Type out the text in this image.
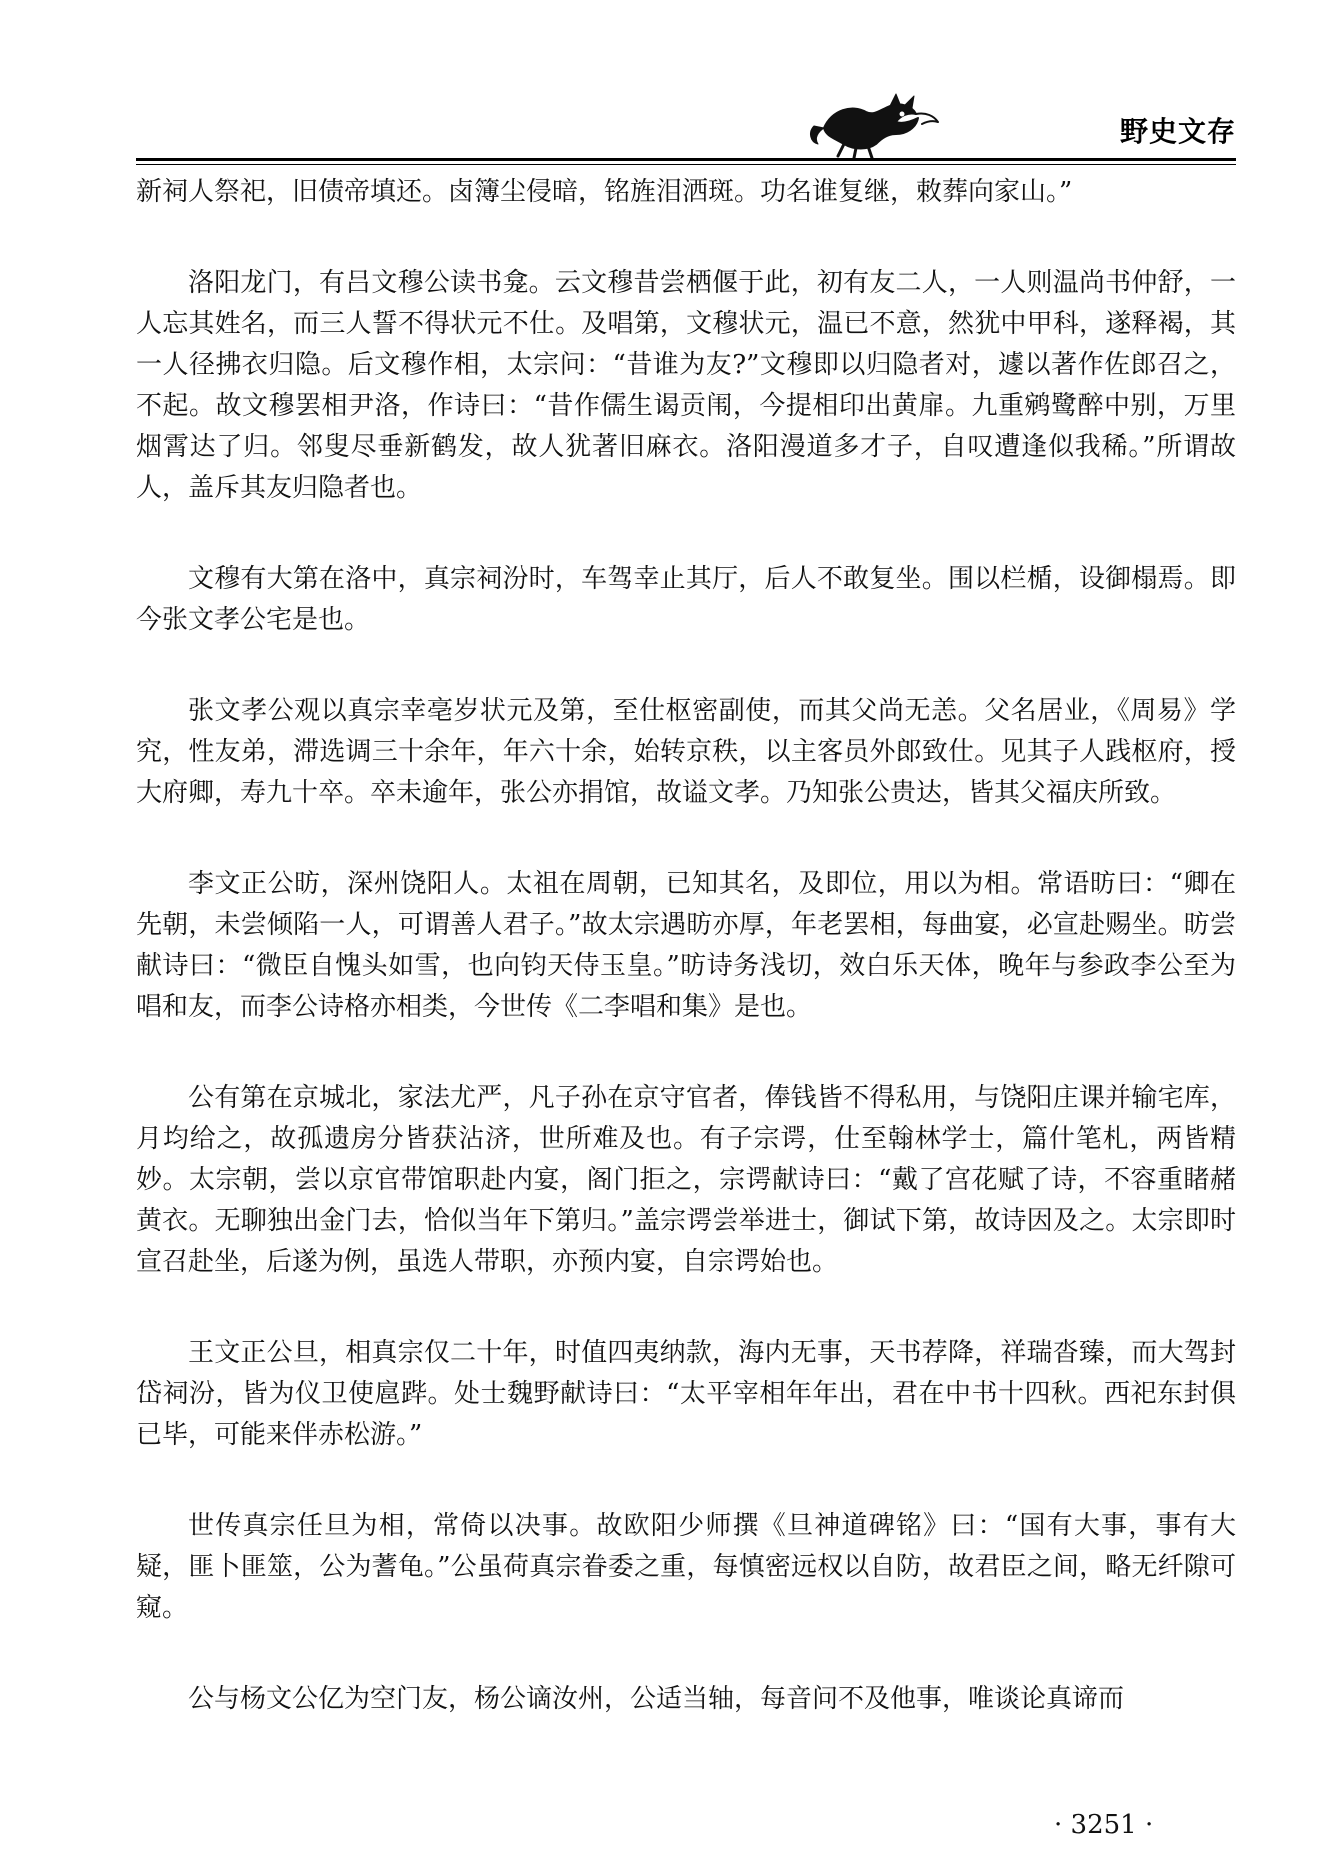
野史文存

新祠人祭祀，旧债帝填还。卤簿尘侵暗，铭旌泪洒斑。功名谁复继，敕葬向家山。”

洛阳龙门，有吕文穆公读书龛。云文穆昔尝栖偃于此，初有友二人，一人则温尚书仲舒，一人忘其姓名，而三人誓不得状元不仕。及唱第，文穆状元，温已不意，然犹中甲科，遂释褐，其一人径拂衣归隐。后文穆作相，太宗问：“昔谁为友?”文穆即以归隐者对，遽以著作佐郎召之，不起。故文穆罢相尹洛，作诗曰：“昔作儒生谒贡闱，今提相印出黄扉。九重鹓鹭醉中别，万里烟霄达了归。邻叟尽垂新鹤发，故人犹著旧麻衣。洛阳漫道多才子，自叹遭逢似我稀。”所谓故人，盖斥其友归隐者也。

文穆有大第在洛中，真宗祠汾时，车驾幸止其厅，后人不敢复坐。围以栏楯，设御榻焉。即今张文孝公宅是也。

张文孝公观以真宗幸亳岁状元及第，至仕枢密副使，而其父尚无恙。父名居业，《周易》学究，性友弟，滞选调三十余年，年六十余，始转京秩，以主客员外郎致仕。见其子人践枢府，授大府卿，寿九十卒。卒未逾年，张公亦捐馆，故谥文孝。乃知张公贵达，皆其父福庆所致。

李文正公昉，深州饶阳人。太祖在周朝，已知其名，及即位，用以为相。常语昉曰：“卿在先朝，未尝倾陷一人，可谓善人君子。”故太宗遇昉亦厚，年老罢相，每曲宴，必宣赴赐坐。昉尝献诗曰：“微臣自愧头如雪，也向钧天侍玉皇。”昉诗务浅切，效白乐天体，晚年与参政李公至为唱和友，而李公诗格亦相类，今世传《二李唱和集》是也。

公有第在京城北，家法尤严，凡子孙在京守官者，俸钱皆不得私用，与饶阳庄课并输宅库，月均给之，故孤遗房分皆获沾济，世所难及也。有子宗谔，仕至翰林学士，篇什笔札，两皆精妙。太宗朝，尝以京官带馆职赴内宴，阁门拒之，宗谔献诗曰：“戴了宫花赋了诗，不容重睹赭黄衣。无聊独出金门去，恰似当年下第归。”盖宗谔尝举进士，御试下第，故诗因及之。太宗即时宣召赴坐，后遂为例，虽选人带职，亦预内宴，自宗谔始也。

王文正公旦，相真宗仅二十年，时值四夷纳款，海内无事，天书荐降，祥瑞沓臻，而大驾封岱祠汾，皆为仪卫使扈跸。处士魏野献诗曰：“太平宰相年年出，君在中书十四秋。西祀东封俱已毕，可能来伴赤松游。”

世传真宗任旦为相，常倚以决事。故欧阳少师撰《旦神道碑铭》曰：“国有大事，事有大疑，匪卜匪筮，公为蓍龟。”公虽荷真宗眷委之重，每慎密远权以自防，故君臣之间，略无纤隙可窥。

公与杨文公亿为空门友，杨公谪汝州，公适当轴，每音问不及他事，唯谈论真谛而

· 3251 ·
